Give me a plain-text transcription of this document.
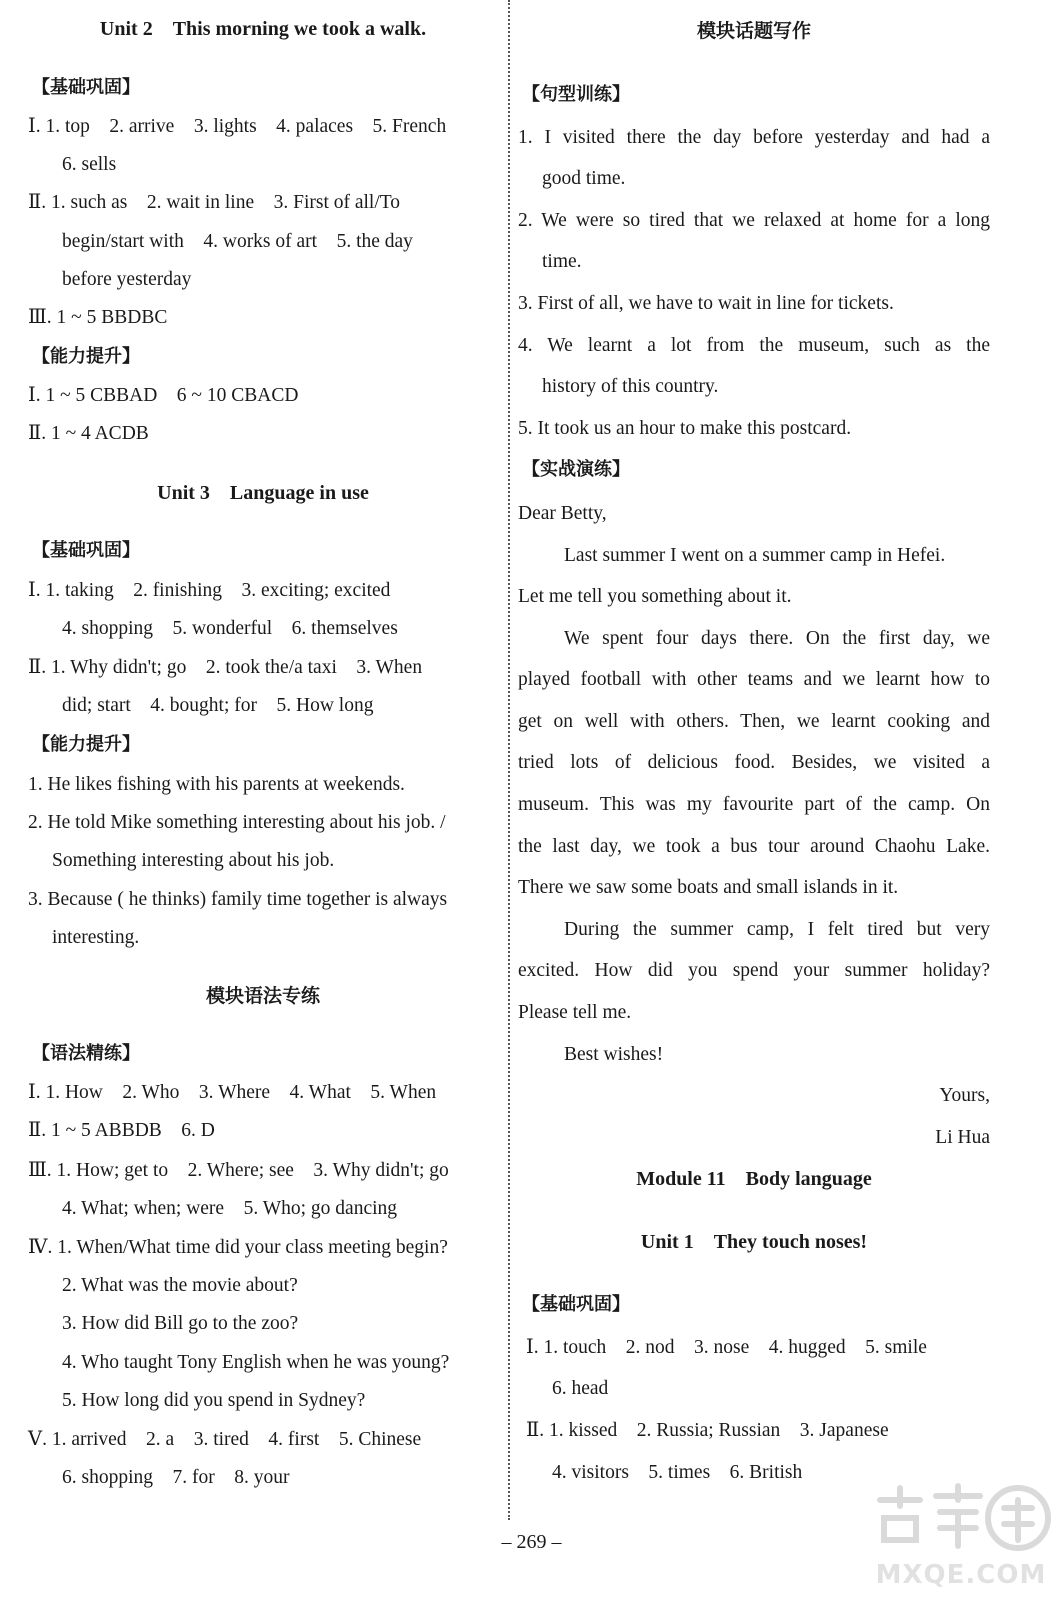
Unit 2　This morning we took a walk.
【基础巩固】
Ⅰ. 1. top　2. arrive　3. lights　4. palaces　5. French
6. sells
Ⅱ. 1. such as　2. wait in line　3. First of all/To
begin/start with　4. works of art　5. the day
before yesterday
Ⅲ. 1 ~ 5 BBDBC
【能力提升】
Ⅰ. 1 ~ 5 CBBAD　6 ~ 10 CBACD
Ⅱ. 1 ~ 4 ACDB
Unit 3　Language in use
【基础巩固】
Ⅰ. 1. taking　2. finishing　3. exciting; excited
4. shopping　5. wonderful　6. themselves
Ⅱ. 1. Why didn't; go　2. took the/a taxi　3. When
did; start　4. bought; for　5. How long
【能力提升】
1. He likes fishing with his parents at weekends.
2. He told Mike something interesting about his job. /
Something interesting about his job.
3. Because ( he thinks) family time together is always
interesting.
模块语法专练
【语法精练】
Ⅰ. 1. How　2. Who　3. Where　4. What　5. When
Ⅱ. 1 ~ 5 ABBDB　6. D
Ⅲ. 1. How; get to　2. Where; see　3. Why didn't; go
4. What; when; were　5. Who; go dancing
Ⅳ. 1. When/What time did your class meeting begin?
2. What was the movie about?
3. How did Bill go to the zoo?
4. Who taught Tony English when he was young?
5. How long did you spend in Sydney?
Ⅴ. 1. arrived　2. a　3. tired　4. first　5. Chinese
6. shopping　7. for　8. your
模块话题写作
【句型训练】
1. I visited there the day before yesterday and had a
good time.
2. We were so tired that we relaxed at home for a long
time.
3. First of all, we have to wait in line for tickets.
4. We learnt a lot from the museum, such as the
history of this country.
5. It took us an hour to make this postcard.
【实战演练】
Dear Betty,
Last summer I went on a summer camp in Hefei.
Let me tell you something about it.
We spent four days there. On the first day, we
played football with other teams and we learnt how to
get on well with others. Then, we learnt cooking and
tried lots of delicious food. Besides, we visited a
museum. This was my favourite part of the camp. On
the last day, we took a bus tour around Chaohu Lake.
There we saw some boats and small islands in it.
During the summer camp, I felt tired but very
excited. How did you spend your summer holiday?
Please tell me.
Best wishes!
Yours,
Li Hua
Module 11　Body language
Unit 1　They touch noses!
【基础巩固】
Ⅰ. 1. touch　2. nod　3. nose　4. hugged　5. smile
6. head
Ⅱ. 1. kissed　2. Russia; Russian　3. Japanese
4. visitors　5. times　6. British
– 269 –
MXQE.COM
